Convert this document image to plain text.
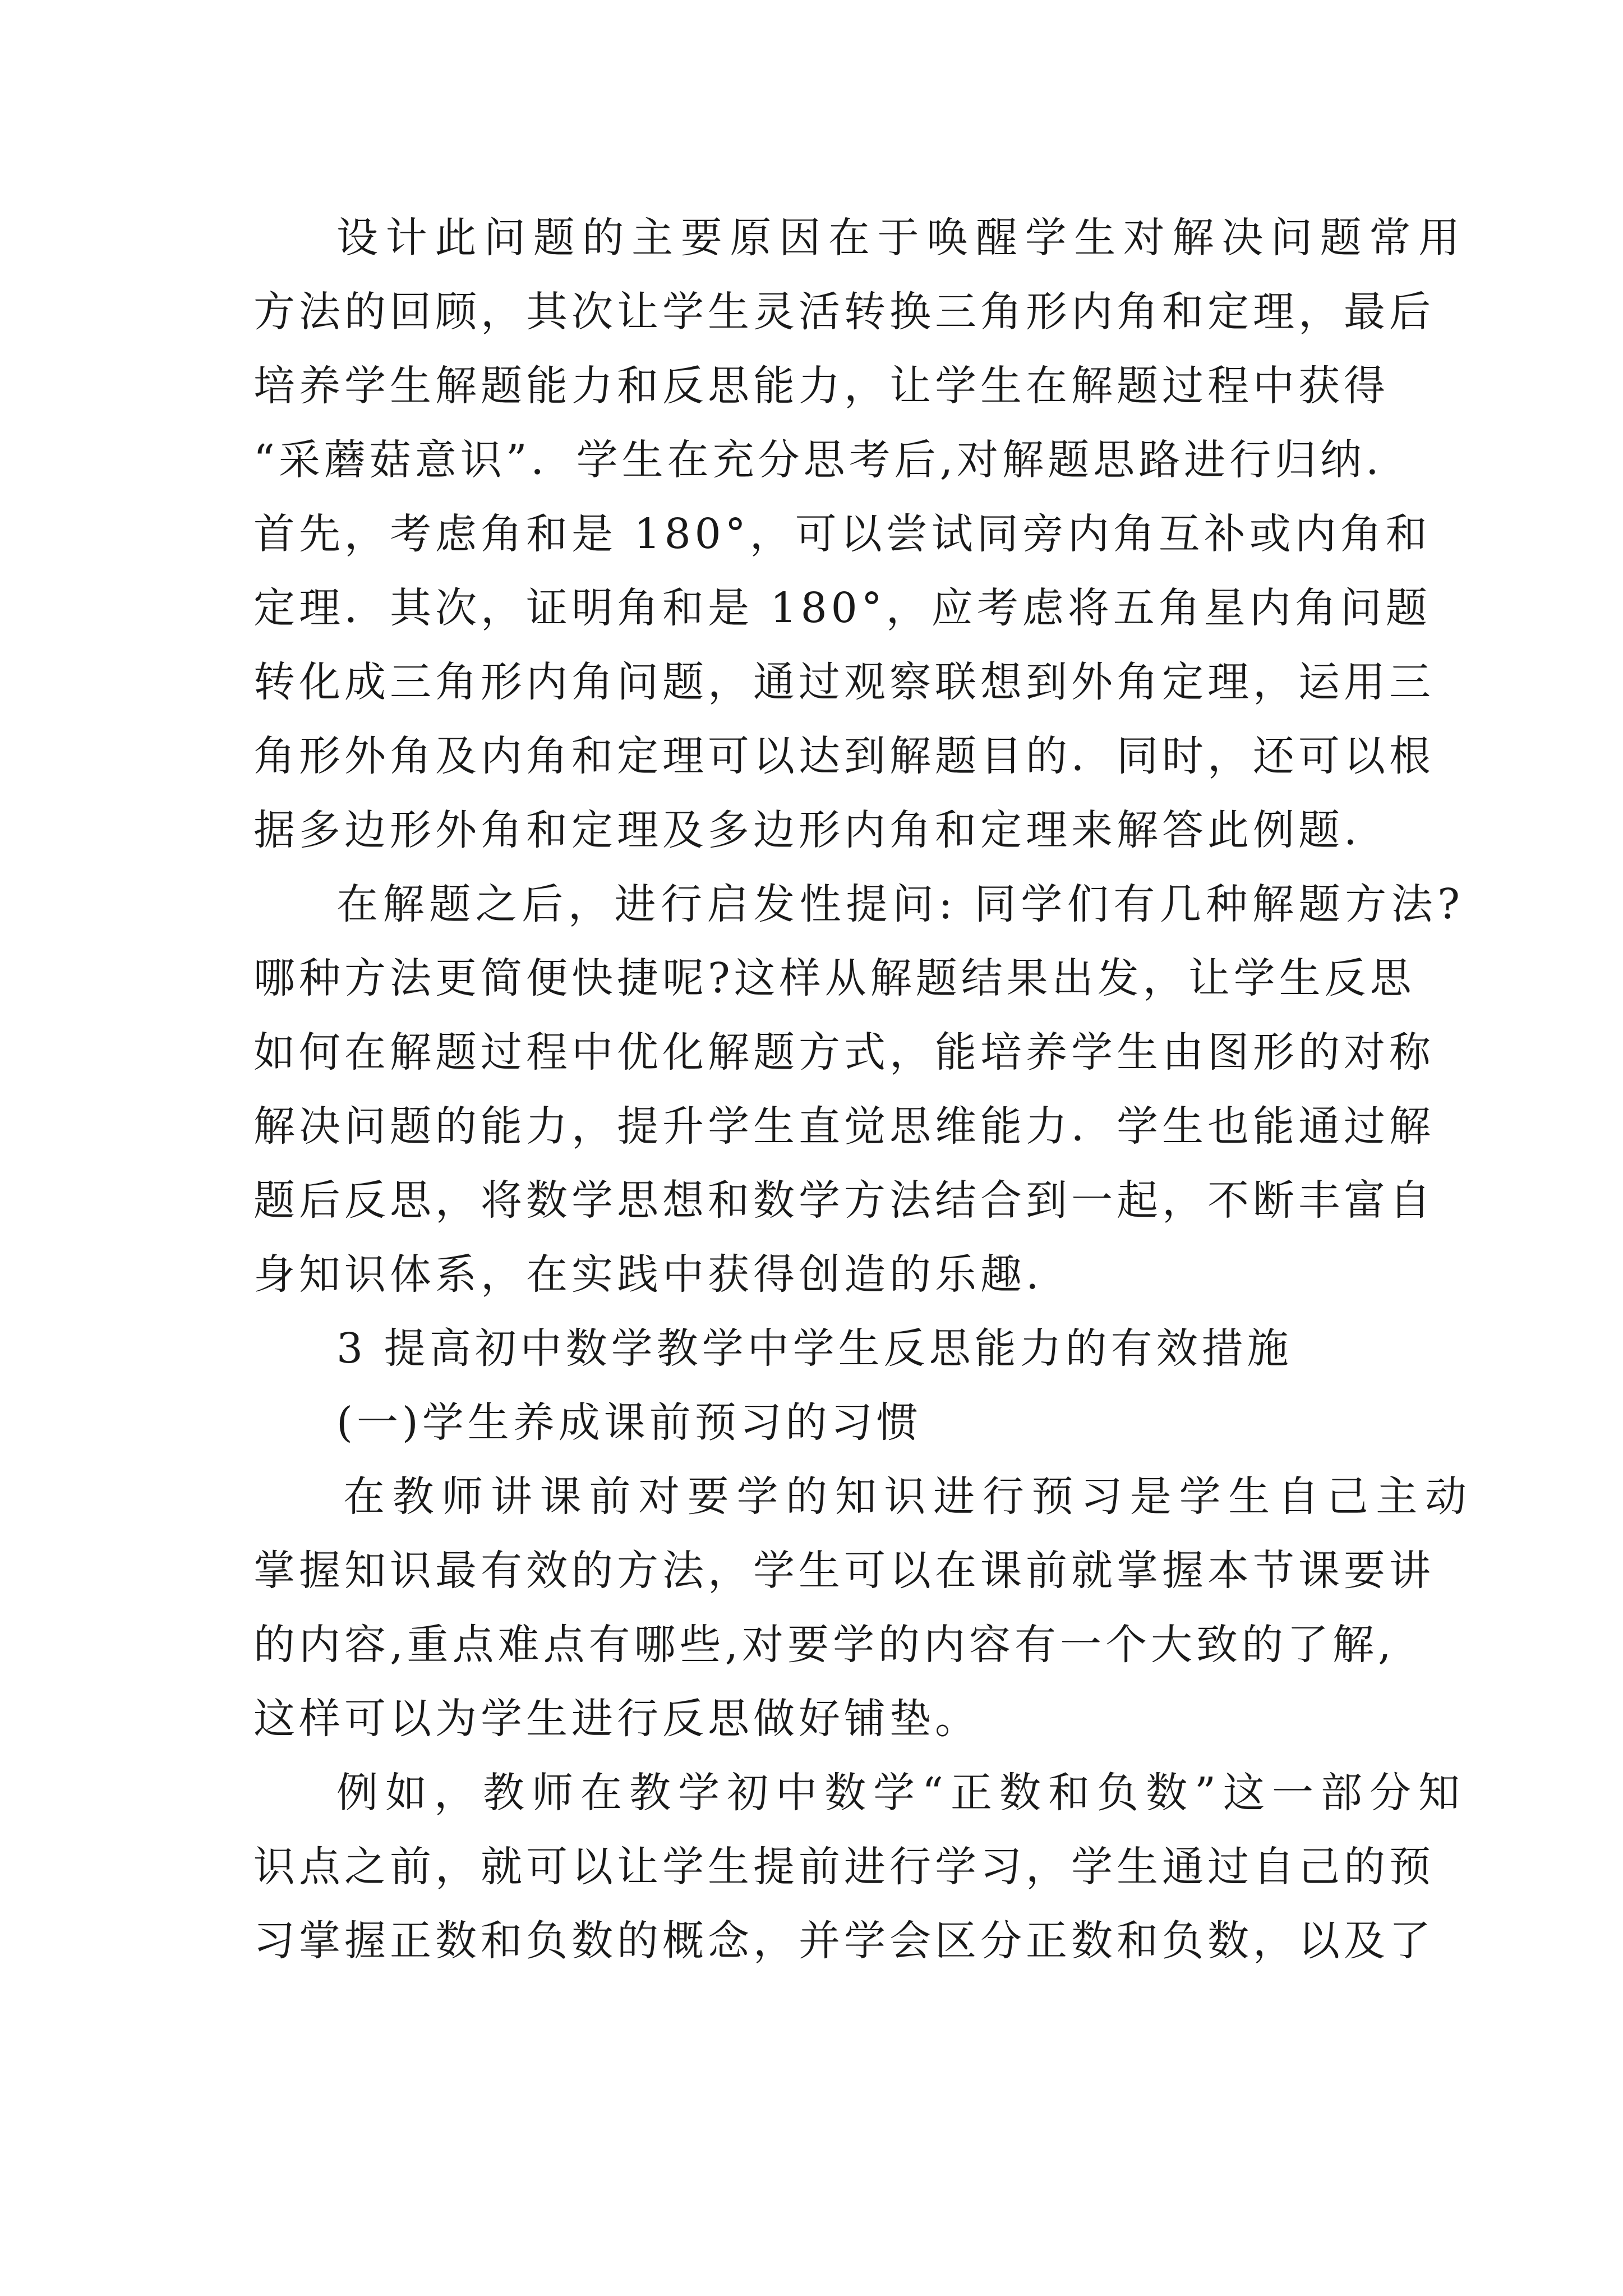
设计此问题的主要原因在于唤醒学生对解决问题常用
方法的回顾，其次让学生灵活转换三角形内角和定理，最后
培养学生解题能力和反思能力，让学生在解题过程中获得
“采蘑菇意识”．学生在充分思考后,对解题思路进行归纳.
首先，考虑角和是 180°，可以尝试同旁内角互补或内角和
定理．其次，证明角和是 180°，应考虑将五角星内角问题
转化成三角形内角问题，通过观察联想到外角定理，运用三
角形外角及内角和定理可以达到解题目的．同时，还可以根
据多边形外角和定理及多边形内角和定理来解答此例题.
在解题之后，进行启发性提问: 同学们有几种解题方法?
哪种方法更简便快捷呢?这样从解题结果出发，让学生反思
如何在解题过程中优化解题方式，能培养学生由图形的对称
解决问题的能力，提升学生直觉思维能力．学生也能通过解
题后反思，将数学思想和数学方法结合到一起，不断丰富自
身知识体系，在实践中获得创造的乐趣.
3 提高初中数学教学中学生反思能力的有效措施
(一)学生养成课前预习的习惯
在教师讲课前对要学的知识进行预习是学生自己主动
掌握知识最有效的方法，学生可以在课前就掌握本节课要讲
的内容,重点难点有哪些,对要学的内容有一个大致的了解,
这样可以为学生进行反思做好铺垫。
例如，教师在教学初中数学“正数和负数”这一部分知
识点之前，就可以让学生提前进行学习，学生通过自己的预
习掌握正数和负数的概念，并学会区分正数和负数，以及了
